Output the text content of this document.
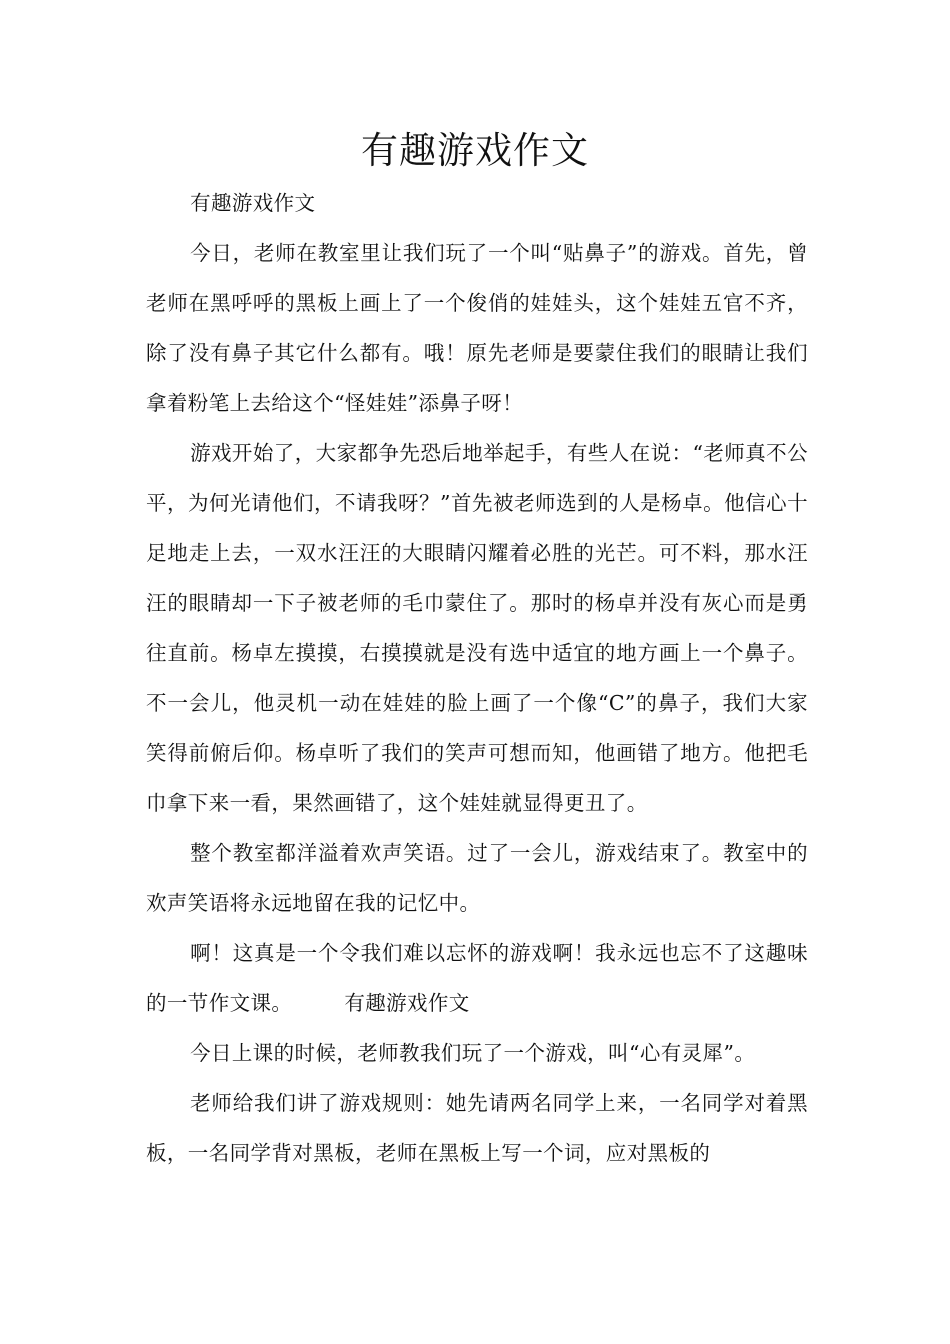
有趣游戏作文

有趣游戏作文

今日，老师在教室里让我们玩了一个叫“贴鼻子”的游戏。首先，曾老师在黑呼呼的黑板上画上了一个俊俏的娃娃头，这个娃娃五官不齐，除了没有鼻子其它什么都有。哦！原先老师是要蒙住我们的眼睛让我们拿着粉笔上去给这个“怪娃娃”添鼻子呀！

游戏开始了，大家都争先恐后地举起手，有些人在说：“老师真不公平，为何光请他们，不请我呀？”首先被老师选到的人是杨卓。他信心十足地走上去，一双水汪汪的大眼睛闪耀着必胜的光芒。可不料，那水汪汪的眼睛却一下子被老师的毛巾蒙住了。那时的杨卓并没有灰心而是勇往直前。杨卓左摸摸，右摸摸就是没有选中适宜的地方画上一个鼻子。不一会儿，他灵机一动在娃娃的脸上画了一个像“C”的鼻子，我们大家笑得前俯后仰。杨卓听了我们的笑声可想而知，他画错了地方。他把毛巾拿下来一看，果然画错了，这个娃娃就显得更丑了。

整个教室都洋溢着欢声笑语。过了一会儿，游戏结束了。教室中的欢声笑语将永远地留在我的记忆中。

啊！这真是一个令我们难以忘怀的游戏啊！我永远也忘不了这趣味的一节作文课。	有趣游戏作文

今日上课的时候，老师教我们玩了一个游戏，叫“心有灵犀”。

老师给我们讲了游戏规则：她先请两名同学上来，一名同学对着黑板，一名同学背对黑板，老师在黑板上写一个词，应对黑板的
